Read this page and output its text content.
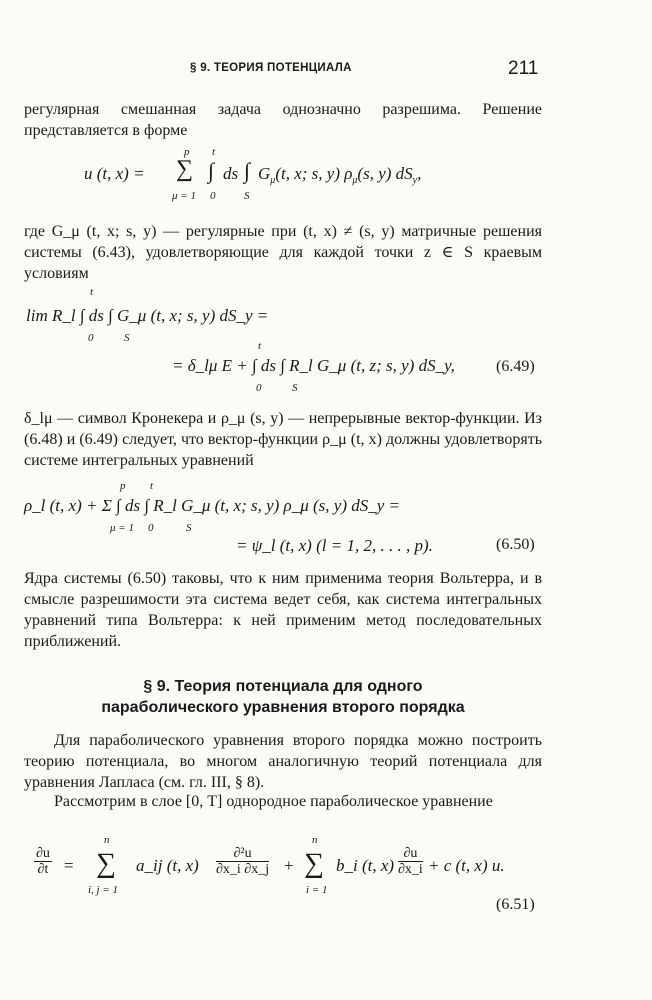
§ 9. ТЕОРИЯ ПОТЕНЦИАЛА	211

регулярная смешанная задача однозначно разрешима. Решение представляется в форме

u (t, x) = ∑
p
μ = 1
∫
t
0
ds ∫
S
$G_\mu(t$, x; s, y) $\rho_\mu(s$, y) $dS_y$,

где G_μ (t, x; s, y) — регулярные при (t, x) ≠ (s, y) матричные решения системы (6.43), удовлетворяющие для каждой точки z ∈ S краевым условиям

lim R_l ∫ ds ∫ G_μ (t, x; s, y) dS_y =
t
0	S
= δ_lμ E + ∫ ds ∫ R_l G_μ (t, z; s, y) dS_y,
t
0	S
(6.49)

δ_lμ — символ Кронекера и ρ_μ (s, y) — непрерывные вектор-функции. Из (6.48) и (6.49) следует, что вектор-функции ρ_μ (t, x) должны удовлетворять системе интегральных уравнений

ρ_l (t, x) + Σ ∫ ds ∫ R_l G_μ (t, x; s, y) ρ_μ (s, y) dS_y =
p
μ = 1
t
0	S
= ψ_l (t, x) (l = 1, 2, . . . , p).	(6.50)

Ядра системы (6.50) таковы, что к ним применима теория Вольтерра, и в смысле разрешимости эта система ведет себя, как система интегральных уравнений типа Вольтерра: к ней применим метод последовательных приближений.

§ 9. Теория потенциала для одного
параболического уравнения второго порядка

Для параболического уравнения второго порядка можно построить теорию потенциала, во многом аналогичную теорий потенциала для уравнения Лапласа (см. гл. III, § 8).

Рассмотрим в слое [0, T] однородное параболическое уравнение

$\frac{\partial u}{\partial t}$ = ∑
n
i, j = 1
a_ij (t, $x) \frac{\text{∂²u}}{\partial x\_i \partial x\_j}$ + ∑
n
i = 1
b_i (t, $x) \frac{\partial u}{\partial x\_i} + c$ (t, x) u.
(6.51)
